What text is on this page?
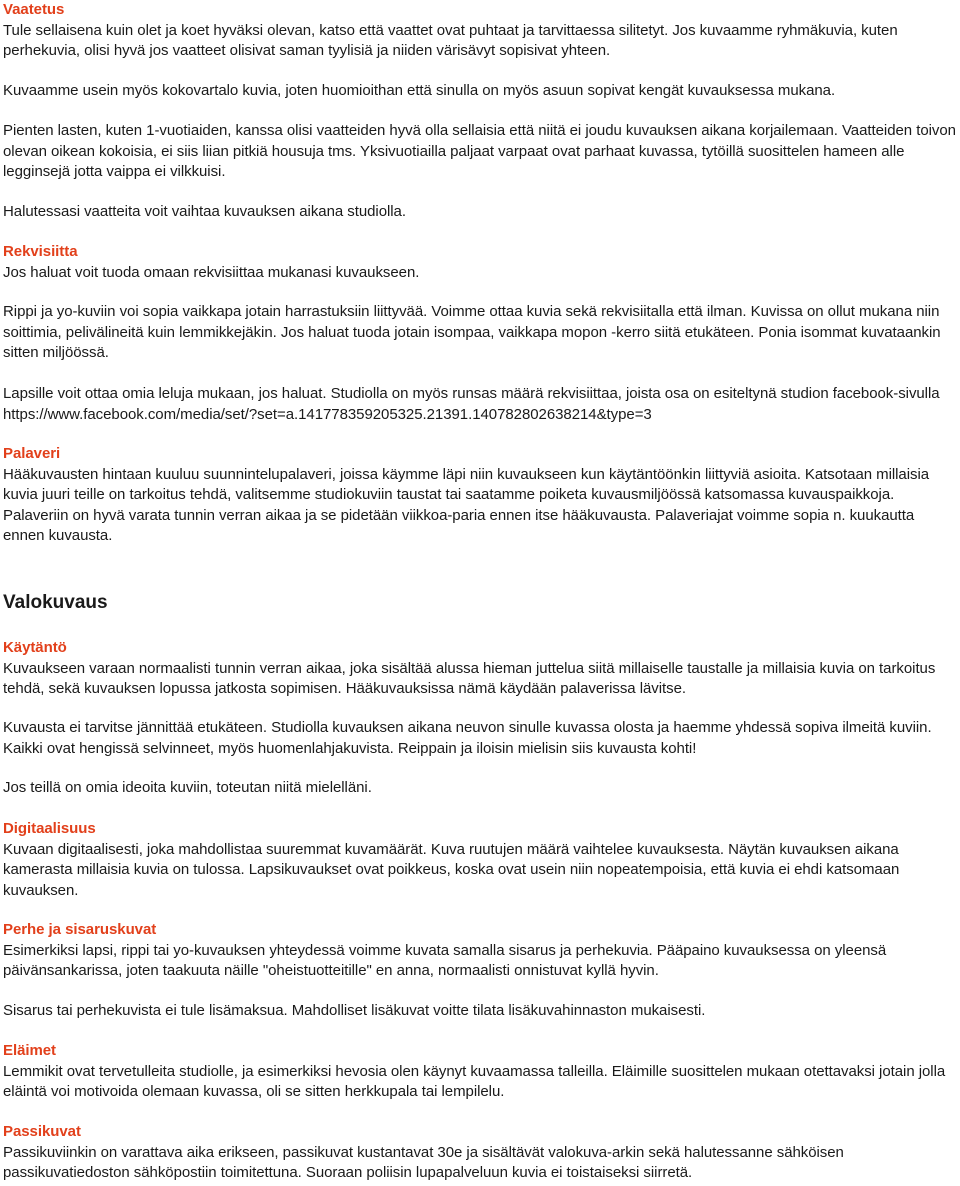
Vaatetus
Tule sellaisena kuin olet ja koet hyväksi olevan, katso että vaattet ovat puhtaat ja tarvittaessa silitetyt. Jos kuvaamme ryhmäkuvia, kuten perhekuvia, olisi hyvä jos vaatteet olisivat saman tyylisiä ja niiden värisävyt sopisivat yhteen.
Kuvaamme usein myös kokovartalo kuvia, joten huomioithan että sinulla on myös asuun sopivat kengät kuvauksessa mukana.
Pienten lasten, kuten 1-vuotiaiden, kanssa olisi vaatteiden hyvä olla sellaisia että niitä ei joudu kuvauksen aikana korjailemaan. Vaatteiden toivon olevan oikean kokoisia, ei siis liian pitkiä housuja tms. Yksivuotiailla paljaat varpaat ovat parhaat kuvassa, tytöillä suosittelen hameen alle legginsejä jotta vaippa ei vilkkuisi.
Halutessasi vaatteita voit vaihtaa kuvauksen aikana studiolla.
Rekvisiitta
Jos haluat voit tuoda omaan rekvisiittaa mukanasi kuvaukseen.
Rippi ja yo-kuviin voi sopia vaikkapa jotain harrastuksiin liittyvää. Voimme ottaa kuvia sekä rekvisiitalla että ilman. Kuvissa on ollut mukana niin soittimia, pelivälineitä kuin lemmikkejäkin. Jos haluat tuoda jotain isompaa, vaikkapa mopon -kerro siitä etukäteen. Ponia isommat kuvataankin sitten miljöössä.
Lapsille voit ottaa omia leluja mukaan, jos haluat. Studiolla on myös runsas määrä rekvisiittaa, joista osa on esiteltynä studion facebook-sivulla https://www.facebook.com/media/set/?set=a.141778359205325.21391.140782802638214&type=3
Palaveri
Hääkuvausten hintaan kuuluu suunnintelupalaveri, joissa käymme läpi niin kuvaukseen kun käytäntöönkin liittyviä asioita. Katsotaan millaisia kuvia juuri teille on tarkoitus tehdä, valitsemme studiokuviin taustat tai saatamme poiketa kuvausmiljöössä katsomassa kuvauspaikkoja. Palaveriin on hyvä varata tunnin verran aikaa ja se pidetään viikkoa-paria ennen itse hääkuvausta. Palaveriajat voimme sopia n. kuukautta ennen kuvausta.
Valokuvaus
Käytäntö
Kuvaukseen varaan normaalisti tunnin verran aikaa, joka sisältää alussa hieman juttelua siitä millaiselle taustalle ja millaisia kuvia on tarkoitus tehdä, sekä kuvauksen lopussa jatkosta sopimisen. Hääkuvauksissa nämä käydään palaverissa lävitse.
Kuvausta ei tarvitse jännittää etukäteen. Studiolla kuvauksen aikana neuvon sinulle kuvassa olosta ja haemme yhdessä sopiva ilmeitä kuviin. Kaikki ovat hengissä selvinneet, myös huomenlahjakuvista. Reippain ja iloisin mielisin siis kuvausta kohti!
Jos teillä on omia ideoita kuviin, toteutan niitä mielelläni.
Digitaalisuus
Kuvaan digitaalisesti, joka mahdollistaa suuremmat kuvamäärät. Kuva ruutujen määrä vaihtelee kuvauksesta. Näytän kuvauksen aikana kamerasta millaisia kuvia on tulossa. Lapsikuvaukset ovat poikkeus, koska ovat usein niin nopeatempoisia, että kuvia ei ehdi katsomaan kuvauksen.
Perhe ja sisaruskuvat
Esimerkiksi lapsi, rippi tai yo-kuvauksen yhteydessä voimme kuvata samalla sisarus ja perhekuvia. Pääpaino kuvauksessa on yleensä päivänsankarissa, joten taakuuta näille "oheistuotteitille" en anna, normaalisti onnistuvat kyllä hyvin.
Sisarus tai perhekuvista ei tule lisämaksua. Mahdolliset lisäkuvat voitte tilata lisäkuvahinnaston mukaisesti.
Eläimet
Lemmikit ovat tervetulleita studiolle, ja esimerkiksi hevosia olen käynyt kuvaamassa talleilla. Eläimille suosittelen mukaan otettavaksi jotain jolla eläintä voi motivoida olemaan kuvassa, oli se sitten herkkupala tai lempilelu.
Passikuvat
Passikuviinkin on varattava aika erikseen, passikuvat kustantavat 30e ja sisältävät valokuva-arkin sekä halutessanne sähköisen passikuvatiedoston sähköpostiin toimitettuna. Suoraan poliisin lupapalveluun kuvia ei toistaiseksi siirretä.
